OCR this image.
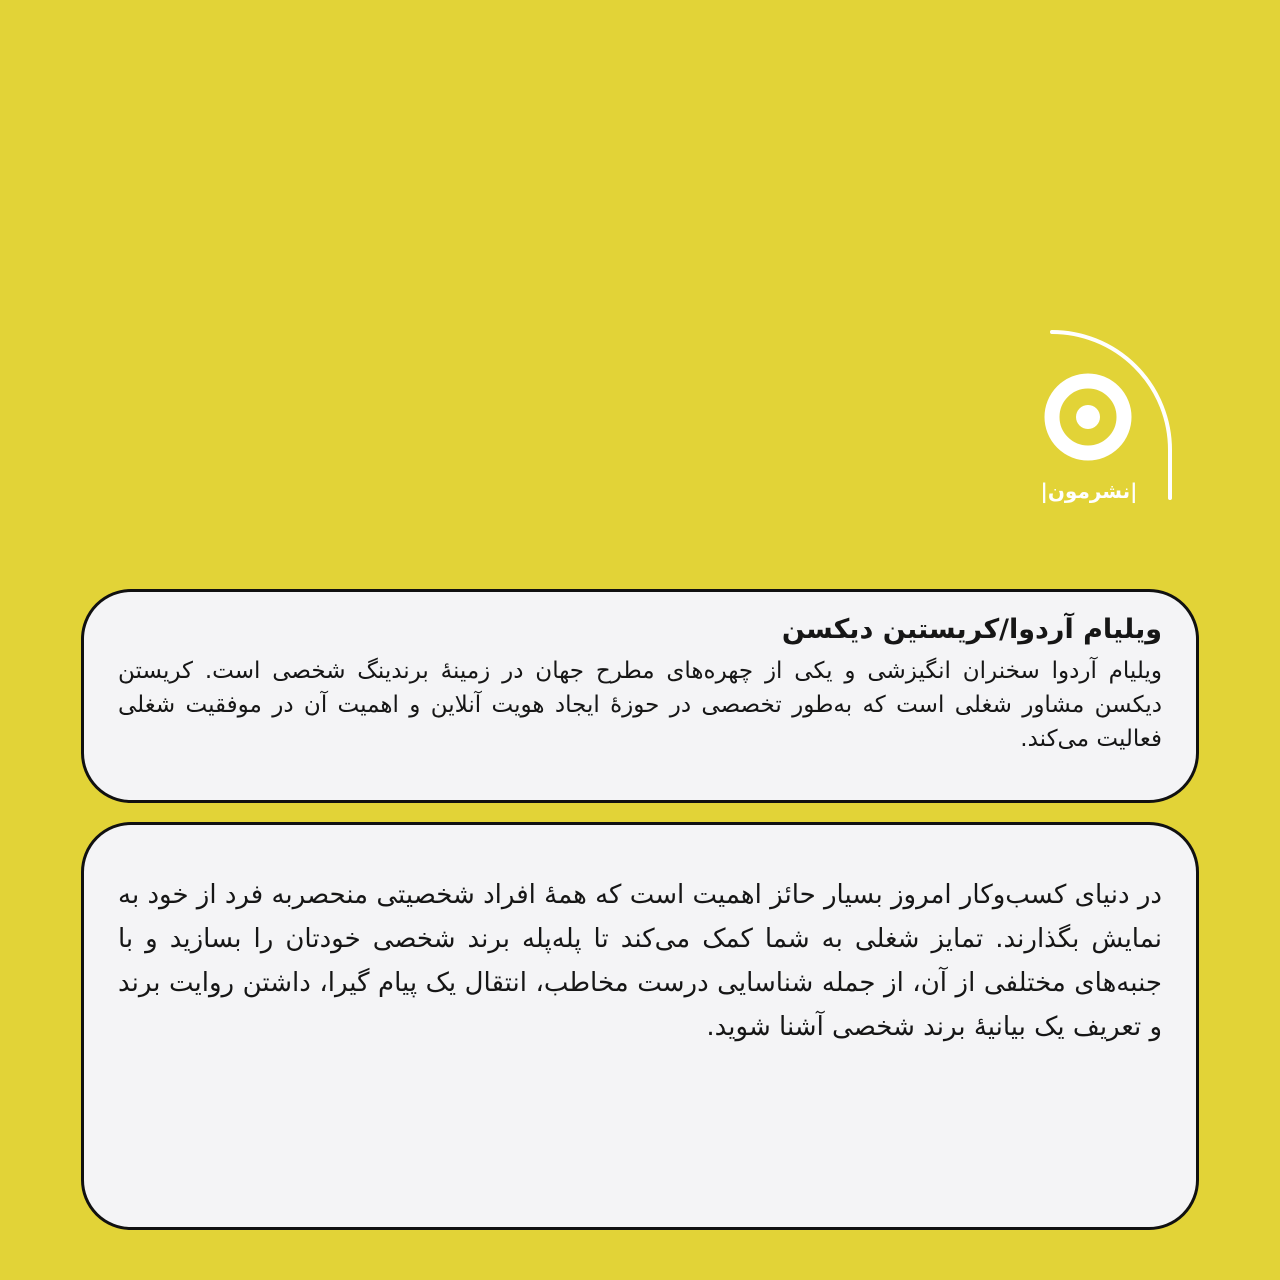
|نشرمون|
ویلیام آردوا/کریستین دیکسن

ویلیام آردوا سخنران انگیزشی و یکی از چهره‌های مطرح جهان در زمینهٔ برندینگ شخصی است. کریستن دیکسن مشاور شغلی است که به‌طور تخصصی در حوزهٔ ایجاد هویت آنلاین و اهمیت آن در موفقیت شغلی فعالیت می‌کند.

در دنیای کسب‌وکار امروز بسیار حائز اهمیت است که همهٔ افراد شخصیتی منحصربه فرد از خود به نمایش بگذارند. تمایز شغلی به شما کمک می‌کند تا پله‌پله برند شخصی خودتان را بسازید و با جنبه‌های مختلفی از آن، از جمله شناسایی درست مخاطب، انتقال یک پیام گیرا، داشتن روایت برند و تعریف یک بیانیهٔ برند شخصی آشنا شوید.
